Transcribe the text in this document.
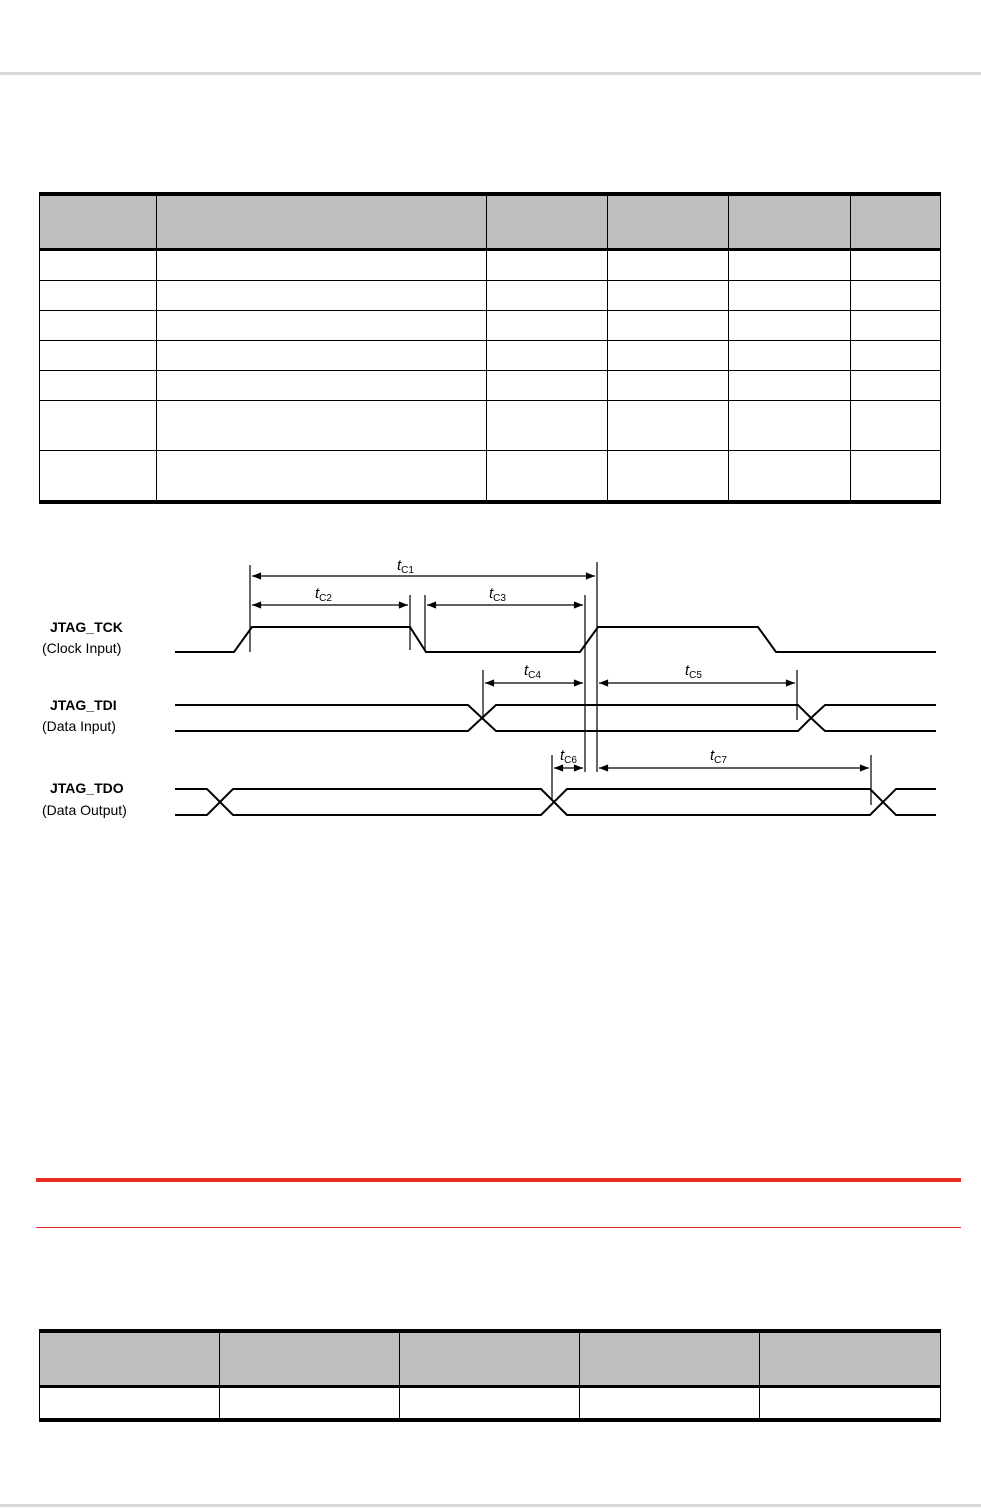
JTAG_TCK
(Clock Input)
JTAG_TDI
(Data Input)
JTAG_TDO
(Data Output)
$t_{C1}$
$t_{C2}$	$t_{C3}$
$t_{C4}$	$t_{C5}$
$t_{C6}$	$t_{C7}$
